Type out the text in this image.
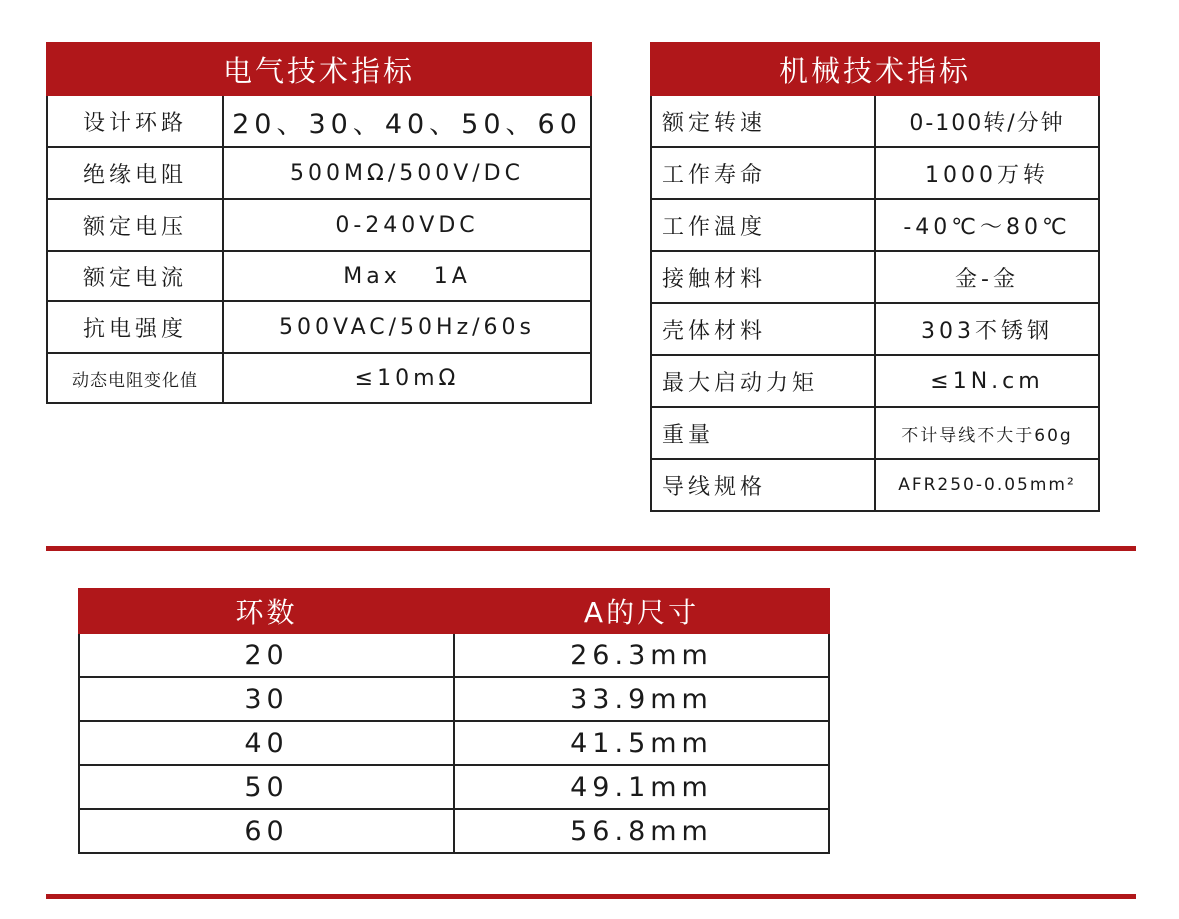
电气技术指标	
设计环路	20、30、40、50、60
绝缘电阻	500MΩ/500V/DC
额定电压	0-240VDC
额定电流	Max   1A
抗电强度	500VAC/50Hz/60s
动态电阻变化值	≤10mΩ
机械技术指标	
额定转速	0-100转/分钟
工作寿命	1000万转
工作温度	-40℃～80℃
接触材料	金-金
壳体材料	303不锈钢
最大启动力矩	≤1N.cm
重量	不计导线不大于60g
导线规格	AFR250-0.05mm²
环数	A的尺寸
20	26.3mm
30	33.9mm
40	41.5mm
50	49.1mm
60	56.8mm
